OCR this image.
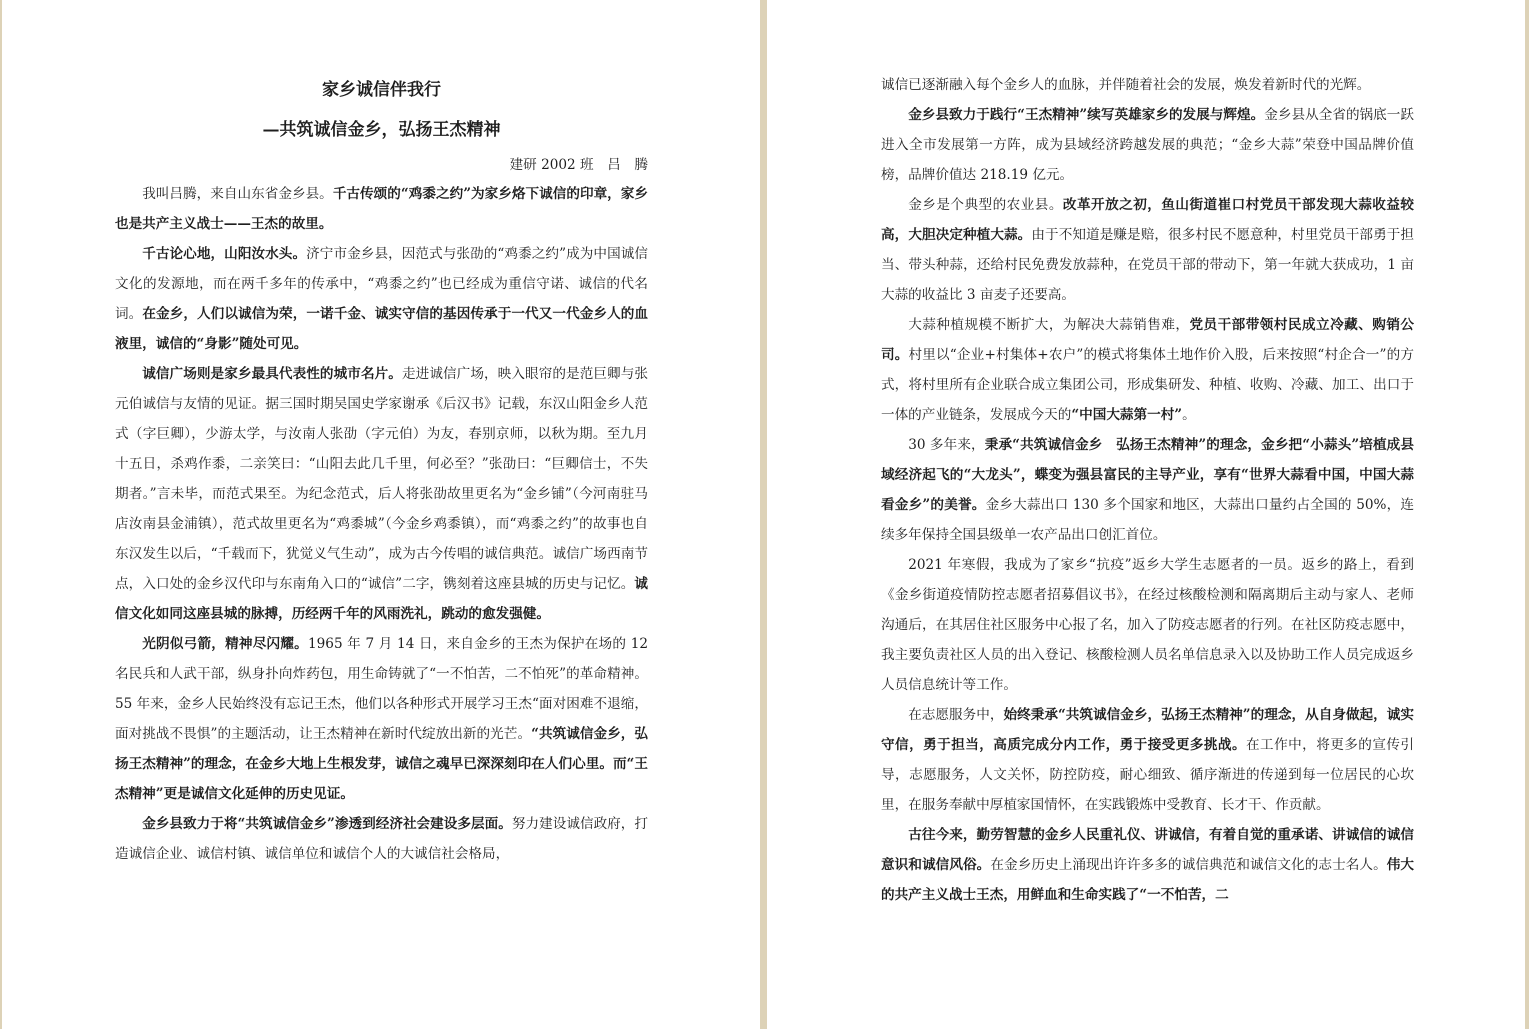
家乡诚信伴我行
—共筑诚信金乡，弘扬王杰精神
建研 2002 班　吕　腾

我叫吕腾，来自山东省金乡县。千古传颂的“鸡黍之约”为家乡烙下诚信的印章，家乡也是共产主义战士——王杰的故里。

千古论心地，山阳汝水头。济宁市金乡县，因范式与张劭的“鸡黍之约”成为中国诚信文化的发源地，而在两千多年的传承中，“鸡黍之约”也已经成为重信守诺、诚信的代名词。在金乡，人们以诚信为荣，一诺千金、诚实守信的基因传承于一代又一代金乡人的血液里，诚信的“身影”随处可见。

诚信广场则是家乡最具代表性的城市名片。走进诚信广场，映入眼帘的是范巨卿与张元伯诚信与友情的见证。据三国时期吴国史学家谢承《后汉书》记载，东汉山阳金乡人范式（字巨卿），少游太学，与汝南人张劭（字元伯）为友，春别京师，以秋为期。至九月十五日，杀鸡作黍，二亲笑曰：“山阳去此几千里，何必至？”张劭曰：“巨卿信士，不失期者。”言未毕，而范式果至。为纪念范式，后人将张劭故里更名为“金乡铺”（今河南驻马店汝南县金浦镇），范式故里更名为“鸡黍城”（今金乡鸡黍镇），而“鸡黍之约”的故事也自东汉发生以后，“千载而下，犹觉义气生动”，成为古今传唱的诚信典范。诚信广场西南节点，入口处的金乡汉代印与东南角入口的“诚信”二字，镌刻着这座县城的历史与记忆。诚信文化如同这座县城的脉搏，历经两千年的风雨洗礼，跳动的愈发强健。

光阴似弓箭，精神尽闪耀。1965 年 7 月 14 日，来自金乡的王杰为保护在场的 12 名民兵和人武干部，纵身扑向炸药包，用生命铸就了“一不怕苦，二不怕死”的革命精神。55 年来，金乡人民始终没有忘记王杰，他们以各种形式开展学习王杰“面对困难不退缩，面对挑战不畏惧”的主题活动，让王杰精神在新时代绽放出新的光芒。“共筑诚信金乡，弘扬王杰精神”的理念，在金乡大地上生根发芽，诚信之魂早已深深刻印在人们心里。而“王杰精神”更是诚信文化延伸的历史见证。

金乡县致力于将“共筑诚信金乡”渗透到经济社会建设多层面。努力建设诚信政府，打造诚信企业、诚信村镇、诚信单位和诚信个人的大诚信社会格局，

诚信已逐渐融入每个金乡人的血脉，并伴随着社会的发展，焕发着新时代的光辉。

金乡县致力于践行“王杰精神”续写英雄家乡的发展与辉煌。金乡县从全省的锅底一跃进入全市发展第一方阵，成为县域经济跨越发展的典范；“金乡大蒜”荣登中国品牌价值榜，品牌价值达 218.19 亿元。

金乡是个典型的农业县。改革开放之初，鱼山街道崔口村党员干部发现大蒜收益较高，大胆决定种植大蒜。由于不知道是赚是赔，很多村民不愿意种，村里党员干部勇于担当、带头种蒜，还给村民免费发放蒜种，在党员干部的带动下，第一年就大获成功，1 亩大蒜的收益比 3 亩麦子还要高。

大蒜种植规模不断扩大，为解决大蒜销售难，党员干部带领村民成立冷藏、购销公司。村里以“企业+村集体+农户”的模式将集体土地作价入股，后来按照“村企合一”的方式，将村里所有企业联合成立集团公司，形成集研发、种植、收购、冷藏、加工、出口于一体的产业链条，发展成今天的“中国大蒜第一村”。

30 多年来，秉承“共筑诚信金乡　弘扬王杰精神”的理念，金乡把“小蒜头”培植成县域经济起飞的“大龙头”，蝶变为强县富民的主导产业，享有“世界大蒜看中国，中国大蒜看金乡”的美誉。金乡大蒜出口 130 多个国家和地区，大蒜出口量约占全国的 50%，连续多年保持全国县级单一农产品出口创汇首位。

2021 年寒假，我成为了家乡“抗疫”返乡大学生志愿者的一员。返乡的路上，看到《金乡街道疫情防控志愿者招募倡议书》，在经过核酸检测和隔离期后主动与家人、老师沟通后，在其居住社区服务中心报了名，加入了防疫志愿者的行列。在社区防疫志愿中，我主要负责社区人员的出入登记、核酸检测人员名单信息录入以及协助工作人员完成返乡人员信息统计等工作。

在志愿服务中，始终秉承“共筑诚信金乡，弘扬王杰精神”的理念，从自身做起，诚实守信，勇于担当，高质完成分内工作，勇于接受更多挑战。在工作中，将更多的宣传引导，志愿服务，人文关怀，防控防疫，耐心细致、循序渐进的传递到每一位居民的心坎里，在服务奉献中厚植家国情怀，在实践锻炼中受教育、长才干、作贡献。

古往今来，勤劳智慧的金乡人民重礼仪、讲诚信，有着自觉的重承诺、讲诚信的诚信意识和诚信风俗。在金乡历史上涌现出许许多多的诚信典范和诚信文化的志士名人。伟大的共产主义战士王杰，用鲜血和生命实践了“一不怕苦，二
